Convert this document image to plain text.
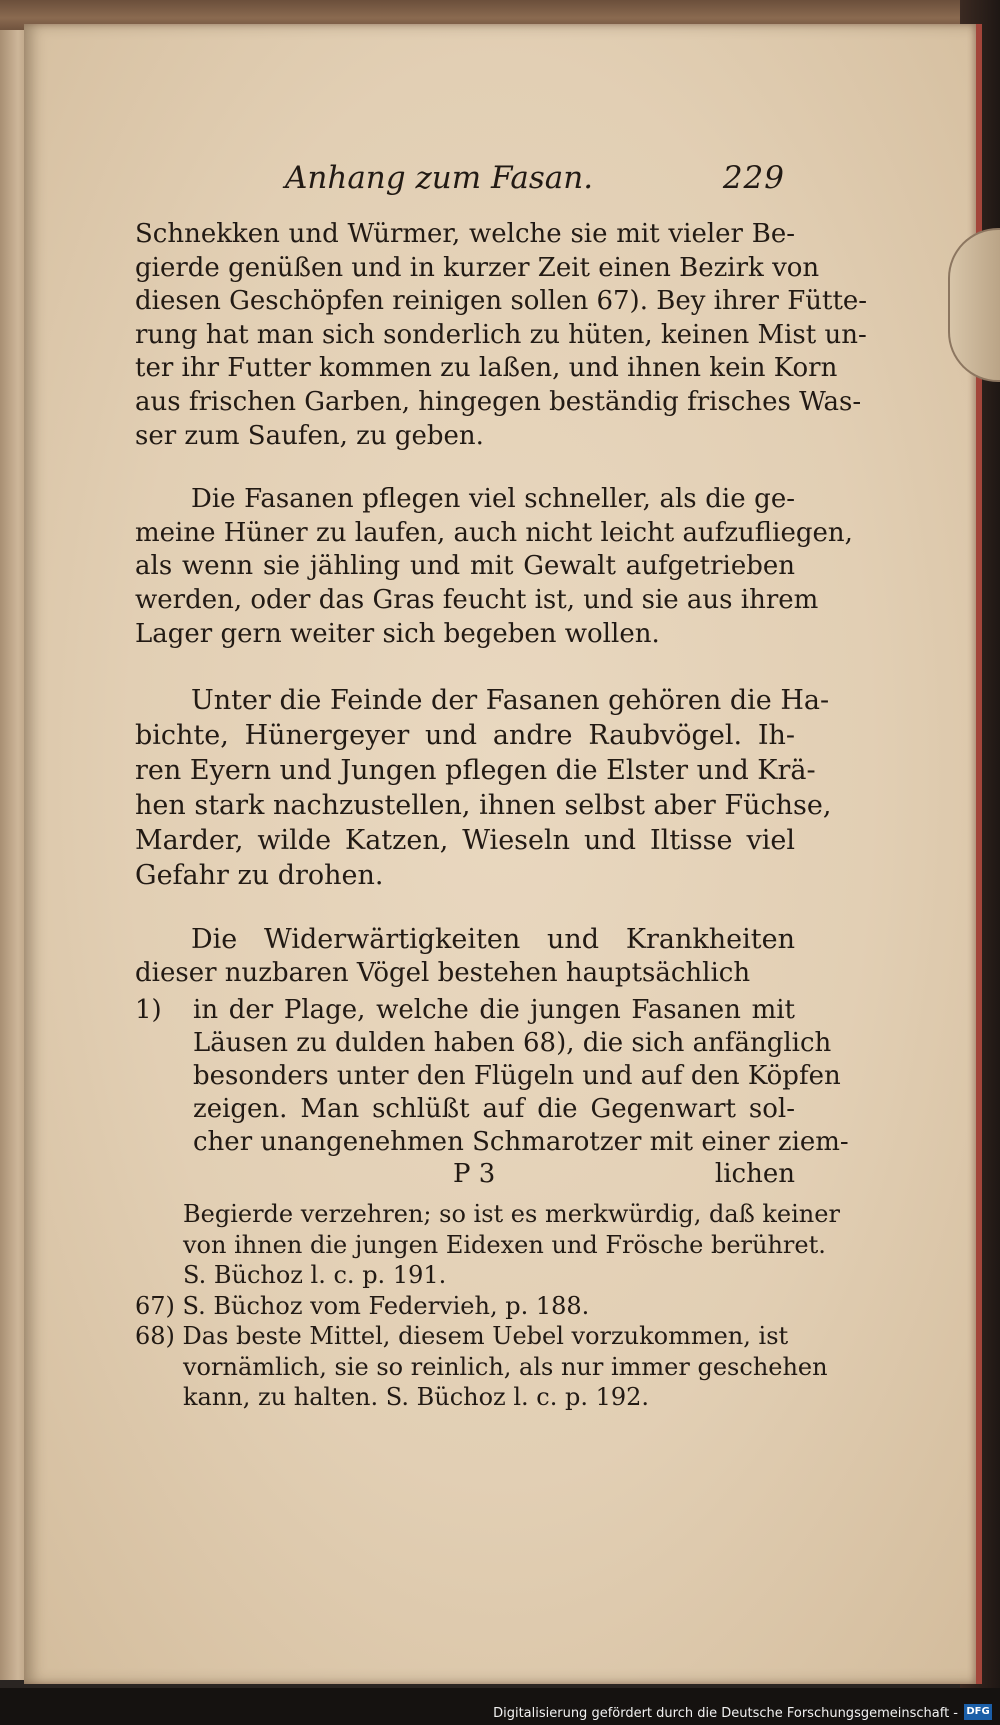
Anhang zum Fasan.	229

Schnekken und Würmer, welche sie mit vieler Be-
gierde genüßen und in kurzer Zeit einen Bezirk von
diesen Geschöpfen reinigen sollen 67). Bey ihrer Fütte-
rung hat man sich sonderlich zu hüten, keinen Mist un-
ter ihr Futter kommen zu laßen, und ihnen kein Korn
aus frischen Garben, hingegen beständig frisches Was-
ser zum Saufen, zu geben.

Die Fasanen pflegen viel schneller, als die ge-
meine Hüner zu laufen, auch nicht leicht aufzufliegen,
als wenn sie jähling und mit Gewalt aufgetrieben
werden, oder das Gras feucht ist, und sie aus ihrem
Lager gern weiter sich begeben wollen.

Unter die Feinde der Fasanen gehören die Ha-
bichte, Hünergeyer und andre Raubvögel. Ih-
ren Eyern und Jungen pflegen die Elster und Krä-
hen stark nachzustellen, ihnen selbst aber Füchse,
Marder, wilde Katzen, Wieseln und Iltisse viel
Gefahr zu drohen.

Die Widerwärtigkeiten und Krankheiten
dieser nuzbaren Vögel bestehen hauptsächlich

1) in der Plage, welche die jungen Fasanen mit
Läusen zu dulden haben 68), die sich anfänglich
besonders unter den Flügeln und auf den Köpfen
zeigen. Man schlüßt auf die Gegenwart sol-
cher unangenehmen Schmarotzer mit einer ziem-
P 3	lichen
Begierde verzehren; so ist es merkwürdig, daß keiner
von ihnen die jungen Eidexen und Frösche berühret.
S. Büchoz l. c. p. 191.
67) S. Büchoz vom Federvieh, p. 188.
68) Das beste Mittel, diesem Uebel vorzukommen, ist
vornämlich, sie so reinlich, als nur immer geschehen
kann, zu halten. S. Büchoz l. c. p. 192.
Digitalisierung gefördert durch die Deutsche Forschungsgemeinschaft - DFG
